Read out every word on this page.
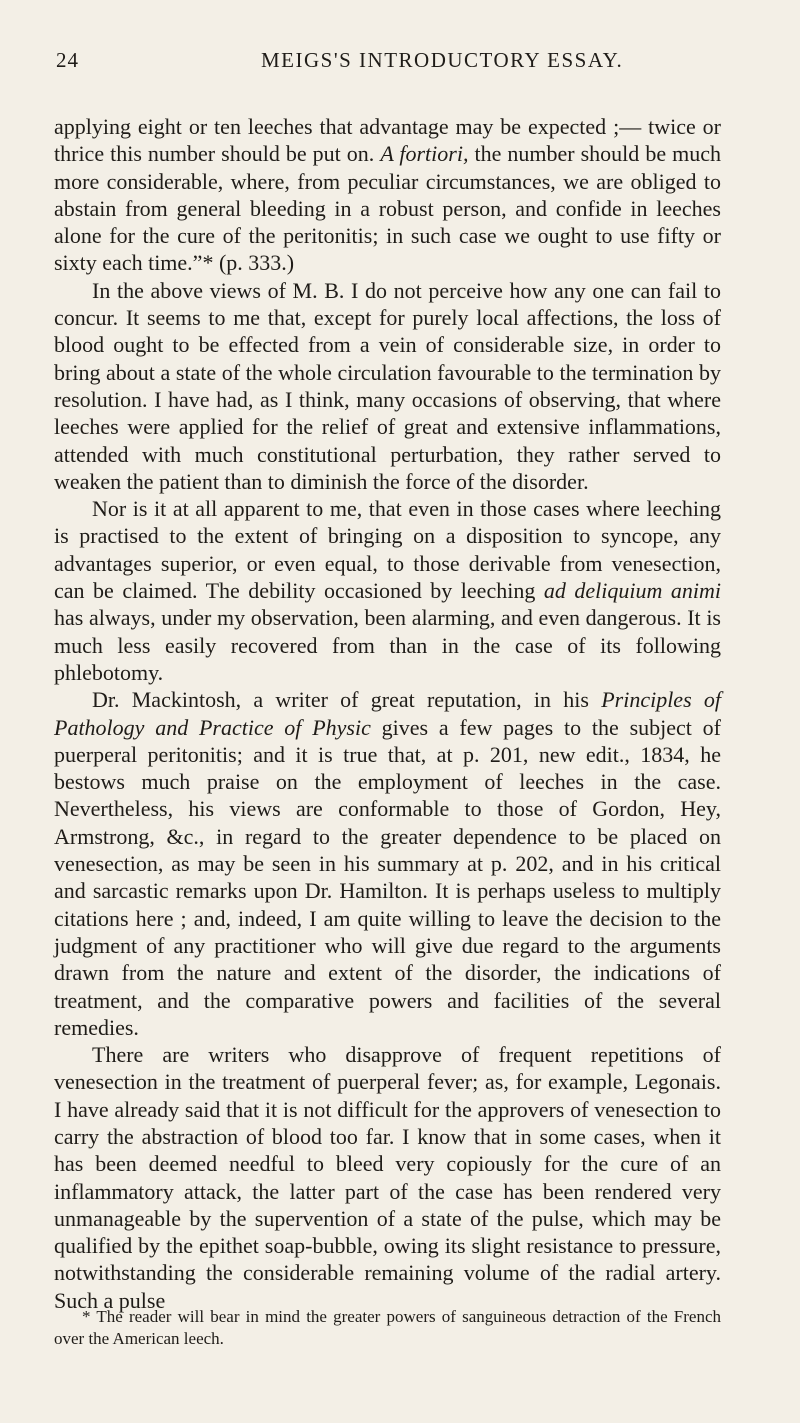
24	MEIGS'S INTRODUCTORY ESSAY.

applying eight or ten leeches that advantage may be expected ;— twice or thrice this number should be put on. A fortiori, the number should be much more considerable, where, from peculiar circumstances, we are obliged to abstain from general bleeding in a robust person, and confide in leeches alone for the cure of the peritonitis; in such case we ought to use fifty or sixty each time.”* (p. 333.)

In the above views of M. B. I do not perceive how any one can fail to concur. It seems to me that, except for purely local affections, the loss of blood ought to be effected from a vein of considerable size, in order to bring about a state of the whole circulation favourable to the termination by resolution. I have had, as I think, many occasions of observing, that where leeches were applied for the relief of great and extensive inflammations, attended with much constitutional perturbation, they rather served to weaken the patient than to diminish the force of the disorder.

Nor is it at all apparent to me, that even in those cases where leeching is practised to the extent of bringing on a disposition to syncope, any advantages superior, or even equal, to those derivable from venesection, can be claimed. The debility occasioned by leeching ad deliquium animi has always, under my observation, been alarming, and even dangerous. It is much less easily recovered from than in the case of its following phlebotomy.

Dr. Mackintosh, a writer of great reputation, in his Principles of Pathology and Practice of Physic gives a few pages to the subject of puerperal peritonitis; and it is true that, at p. 201, new edit., 1834, he bestows much praise on the employment of leeches in the case. Nevertheless, his views are conformable to those of Gordon, Hey, Armstrong, &c., in regard to the greater dependence to be placed on venesection, as may be seen in his summary at p. 202, and in his critical and sarcastic remarks upon Dr. Hamilton. It is perhaps useless to multiply citations here ; and, indeed, I am quite willing to leave the decision to the judgment of any practitioner who will give due regard to the arguments drawn from the nature and extent of the disorder, the indications of treatment, and the comparative powers and facilities of the several remedies.

There are writers who disapprove of frequent repetitions of venesection in the treatment of puerperal fever; as, for example, Legonais. I have already said that it is not difficult for the approvers of venesection to carry the abstraction of blood too far. I know that in some cases, when it has been deemed needful to bleed very copiously for the cure of an inflammatory attack, the latter part of the case has been rendered very unmanageable by the supervention of a state of the pulse, which may be qualified by the epithet soap-bubble, owing its slight resistance to pressure, notwithstanding the considerable remaining volume of the radial artery. Such a pulse

* The reader will bear in mind the greater powers of sanguineous detraction of the French over the American leech.
